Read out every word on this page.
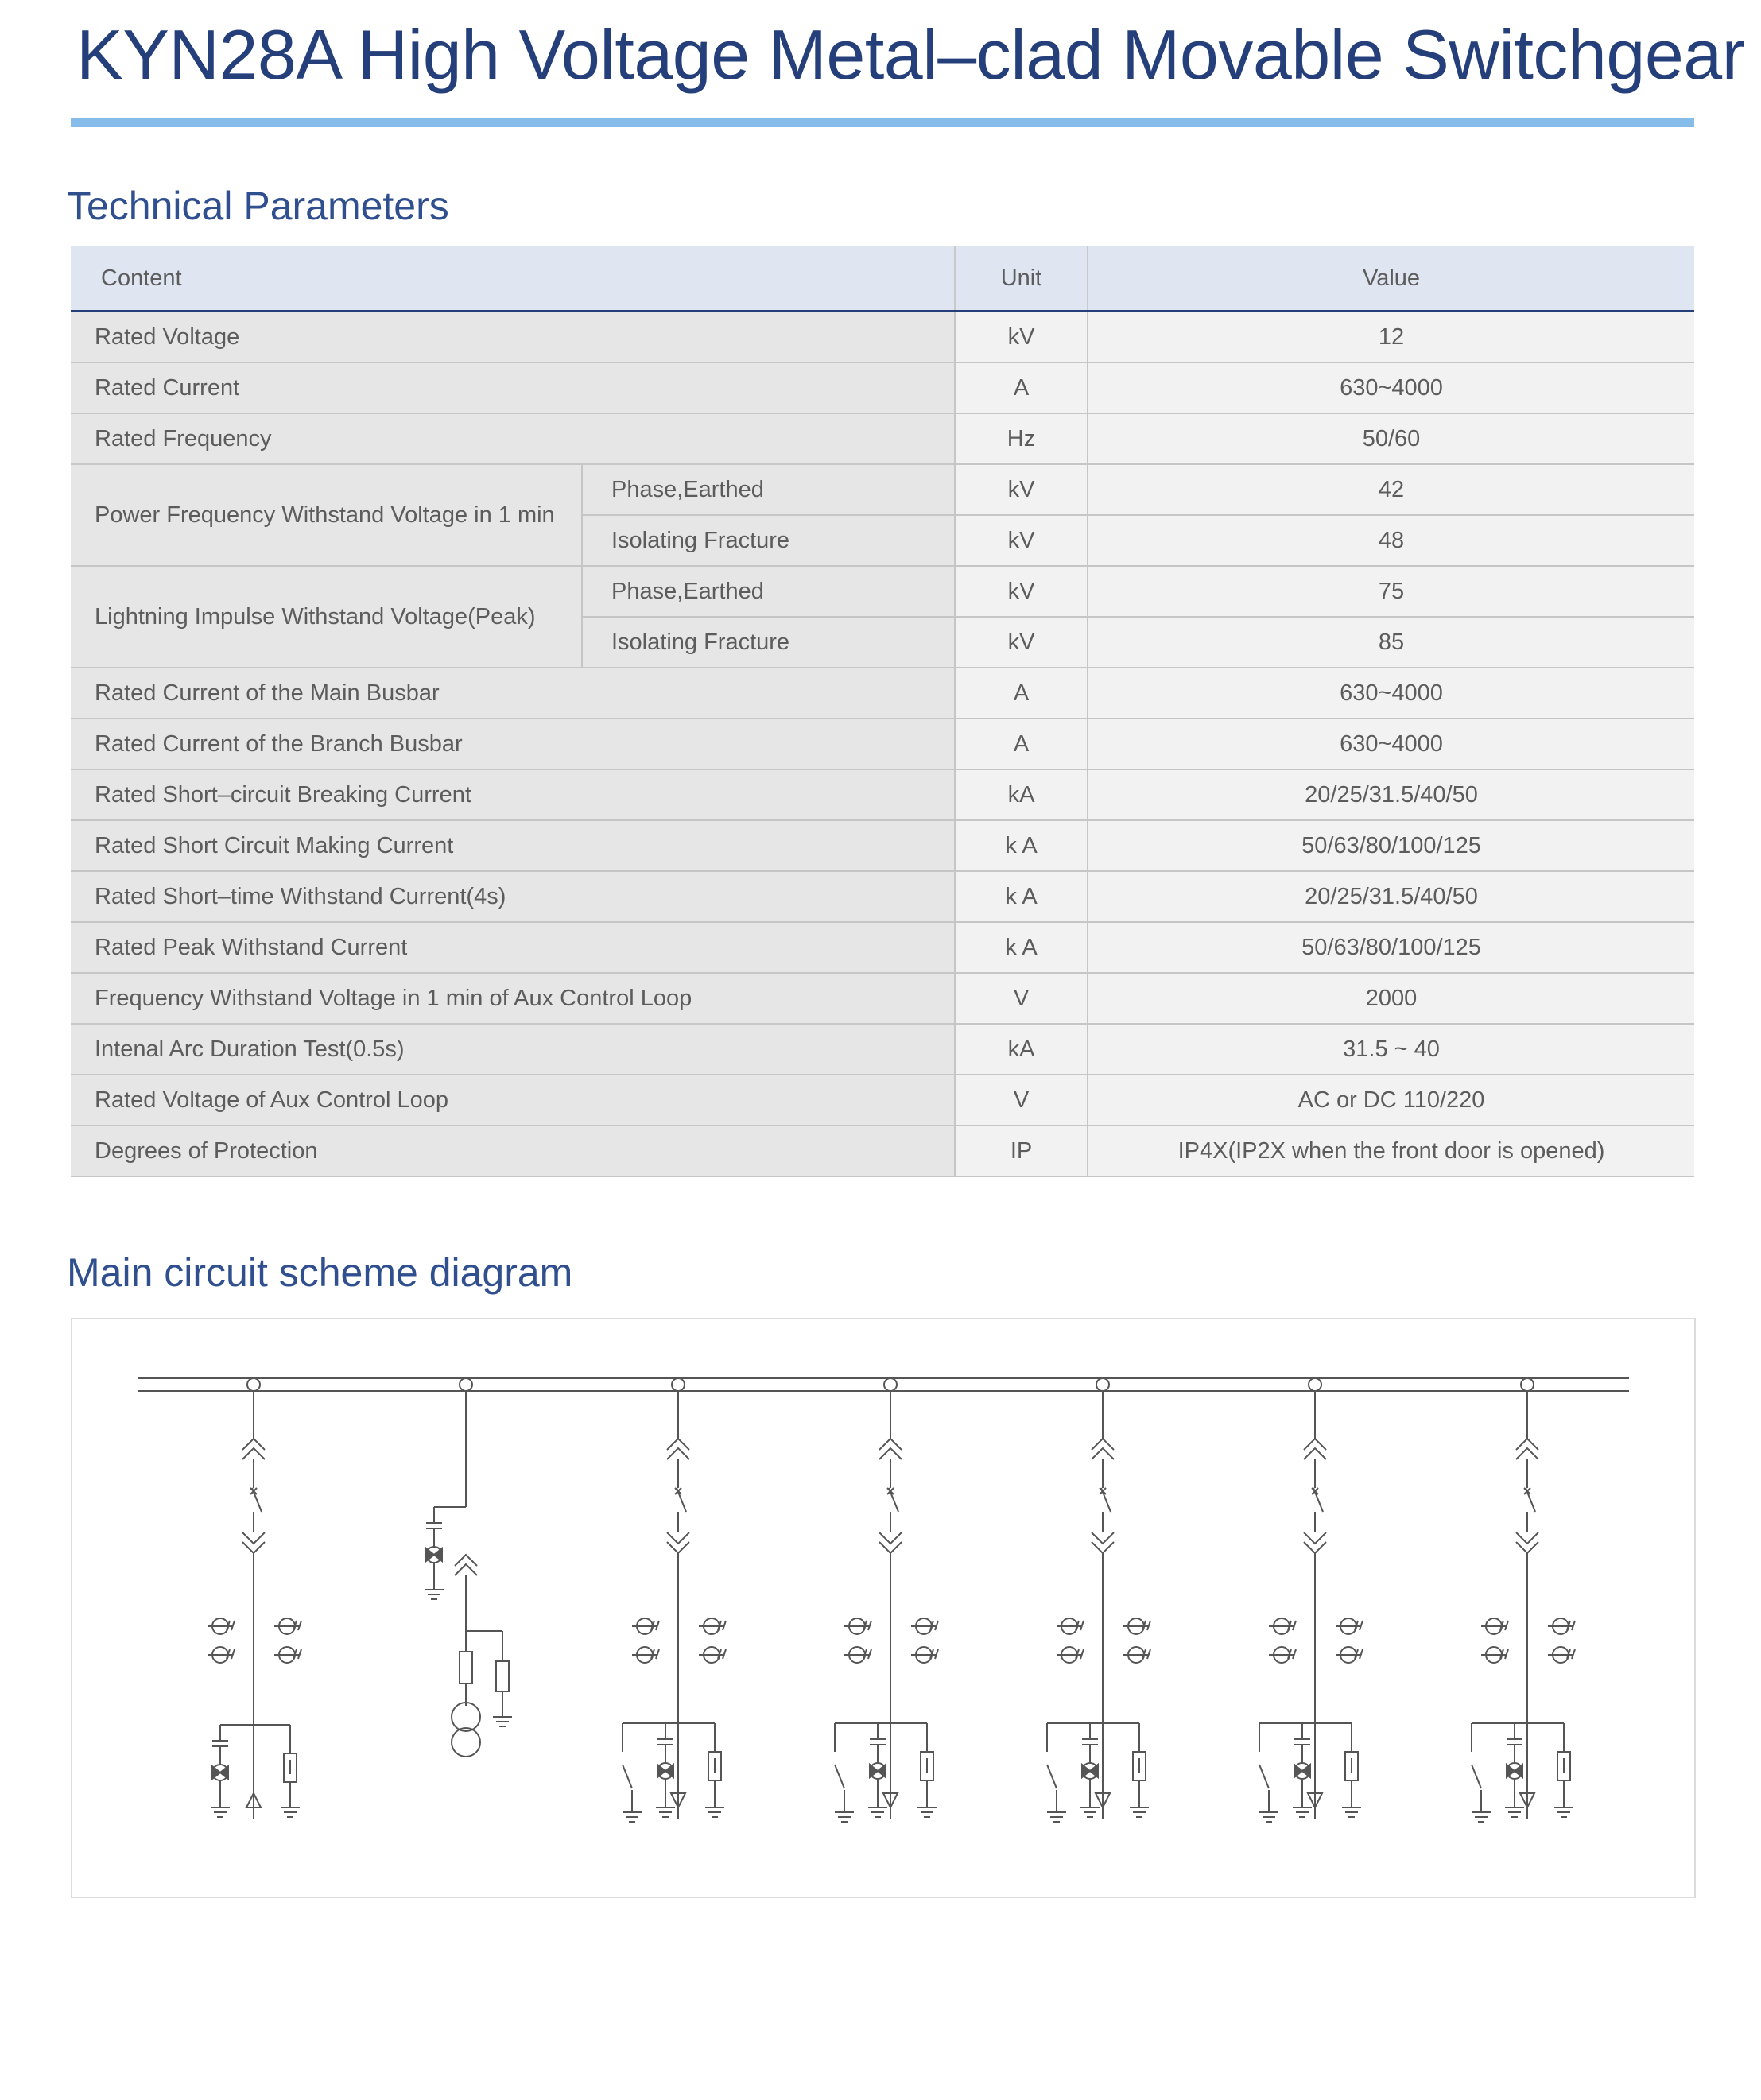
KYN28A High Voltage Metal–clad Movable Switchgear
Technical Parameters
Content		Unit	Value
Rated Voltage		kV	12
Rated Current		A	630~4000
Rated Frequency		Hz	50/60
Power Frequency Withstand Voltage in 1 min	Phase,Earthed	kV	42
	Isolating Fracture	kV	48
Lightning Impulse Withstand Voltage(Peak)	Phase,Earthed	kV	75
	Isolating Fracture	kV	85
Rated Current of the Main Busbar		A	630~4000
Rated Current of the Branch Busbar		A	630~4000
Rated Short–circuit Breaking Current		kA	20/25/31.5/40/50
Rated Short Circuit Making Current		k A	50/63/80/100/125
Rated Short–time Withstand Current(4s)		k A	20/25/31.5/40/50
Rated Peak Withstand Current		k A	50/63/80/100/125
Frequency Withstand Voltage in 1 min of Aux Control Loop		V	2000
Intenal Arc Duration Test(0.5s)		kA	31.5 ~ 40
Rated Voltage of Aux Control Loop		V	AC or DC 110/220
Degrees of Protection		IP	IP4X(IP2X when the front door is opened)
Main circuit scheme diagram
